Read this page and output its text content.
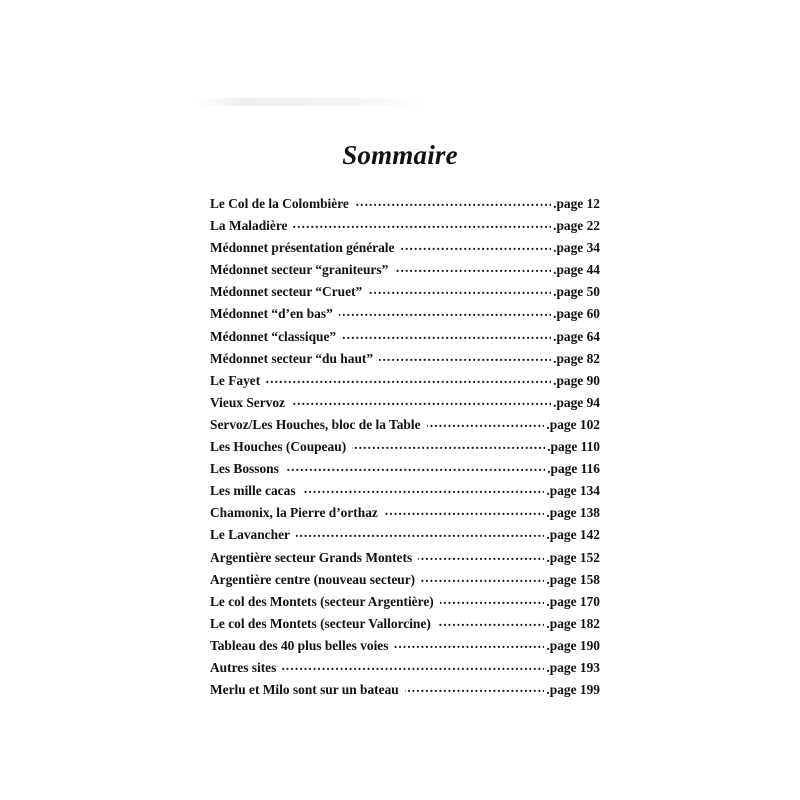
Sommaire
Le Col de la Colombière . . .	.page 12
La Maladière . . .	.page 22
Médonnet présentation générale . . .	.page 34
Médonnet secteur “graniteurs” . . .	.page 44
Médonnet secteur “Cruet” . . .	.page 50
Médonnet “d’en bas” . . .	.page 60
Médonnet “classique” . . .	.page 64
Médonnet secteur “du haut” . . .	.page 82
Le Fayet . . .	.page 90
Vieux Servoz . . .	.page 94
Servoz/Les Houches, bloc de la Table . . .	.page 102
Les Houches (Coupeau) . . .	.page 110
Les Bossons . . .	.page 116
Les mille cacas . . .	.page 134
Chamonix, la Pierre d’orthaz . . .	.page 138
Le Lavancher . . .	.page 142
Argentière secteur Grands Montets . . .	.page 152
Argentière centre (nouveau secteur) . . .	.page 158
Le col des Montets (secteur Argentière) . . .	.page 170
Le col des Montets (secteur Vallorcine) . . .	.page 182
Tableau des 40 plus belles voies . . .	.page 190
Autres sites . . .	.page 193
Merlu et Milo sont sur un bateau . . .	.page 199
